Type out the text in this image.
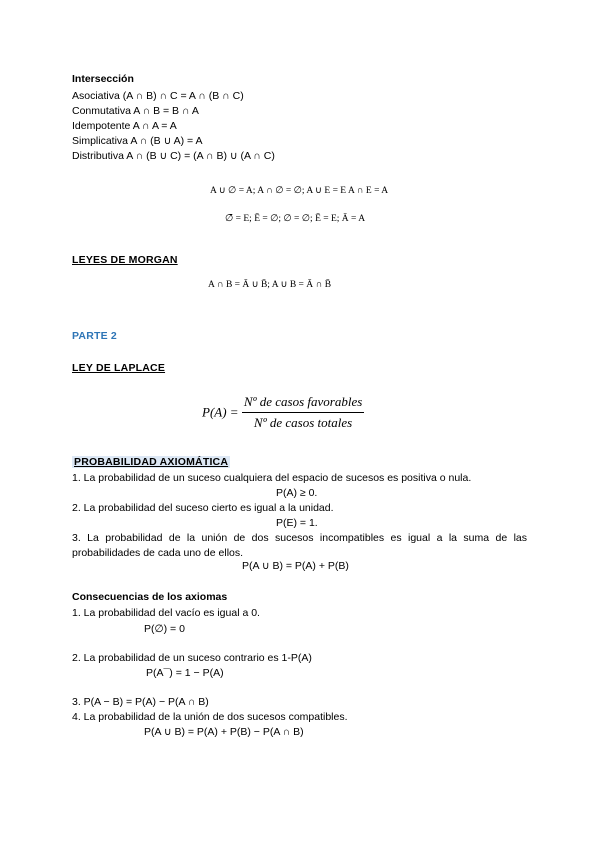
Intersección
Asociativa (A ∩ B) ∩ C = A ∩ (B ∩ C)
Conmutativa A ∩ B = B ∩ A
Idempotente A ∩ A = A
Simplicativa A ∩ (B ∪ A) = A
Distributiva A ∩ (B ∪ C) = (A ∩ B) ∪ (A ∩ C)
A ∪ ∅ = A; A ∩ ∅ = ∅; A ∪ E = E A ∩ E = A
∅̄ = E; Ē = ∅; ∅ = ∅; Ē = E; Ā = A
LEYES DE MORGAN
A ∩ B = Ā ∪ B̄; A ∪ B = Ā ∩ B̄
PARTE 2
LEY DE LAPLACE
$P(A) = \frac{\text{Nº de casos favorables}}{\text{Nº de casos totales}}$
PROBABILIDAD AXIOMÁTICA
1. La probabilidad de un suceso cualquiera del espacio de sucesos es positiva o nula.
P(A) ≥ 0.
2. La probabilidad del suceso cierto es igual a la unidad.
P(E) = 1.
3. La probabilidad de la unión de dos sucesos incompatibles es igual a la suma de las probabilidades de cada uno de ellos.
P(A ∪ B) = P(A) + P(B)
Consecuencias de los axiomas
1. La probabilidad del vacío es igual a 0.
P(∅) = 0
2. La probabilidad de un suceso contrario es 1-P(A)
P(A¯) = 1 − P(A)
3. P(A − B) = P(A) − P(A ∩ B)
4. La probabilidad de la unión de dos sucesos compatibles.
P(A ∪ B) = P(A) + P(B) − P(A ∩ B)
